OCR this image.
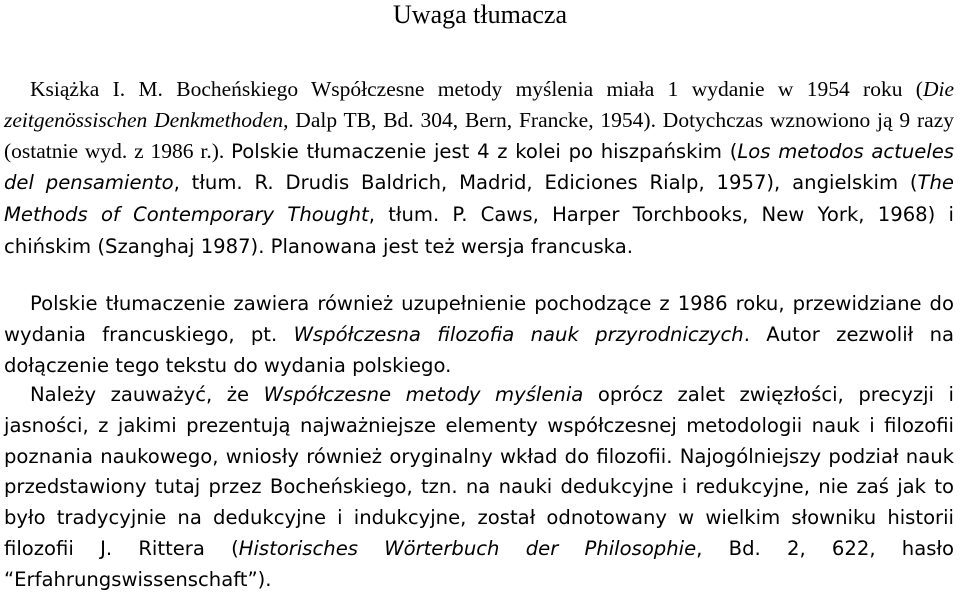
Uwaga tłumacza

Książka I. M. Bocheńskiego Współczesne metody myślenia miała 1 wydanie w 1954 roku (Die zeitgenössischen Denkmethoden, Dalp TB, Bd. 304, Bern, Francke, 1954). Dotychczas wznowiono ją 9 razy (ostatnie wyd. z 1986 r.). Polskie tłumaczenie jest 4 z kolei po hiszpańskim (Los metodos actueles del pensamiento, tłum. R. Drudis Baldrich, Madrid, Ediciones Rialp, 1957), angielskim (The Methods of Contemporary Thought, tłum. P. Caws, Harper Torchbooks, New York, 1968) i chińskim (Szanghaj 1987). Planowana jest też wersja francuska.

Polskie tłumaczenie zawiera również uzupełnienie pochodzące z 1986 roku, przewidziane do wydania francuskiego, pt. Współczesna filozofia nauk przyrodniczych. Autor zezwolił na dołączenie tego tekstu do wydania polskiego.

Należy zauważyć, że Współczesne metody myślenia oprócz zalet zwięzłości, precyzji i jasności, z jakimi prezentują najważniejsze elementy współczesnej metodologii nauk i filozofii poznania naukowego, wniosły również oryginalny wkład do filozofii. Najogólniejszy podział nauk przedstawiony tutaj przez Bocheńskiego, tzn. na nauki dedukcyjne i redukcyjne, nie zaś jak to było tradycyjnie na dedukcyjne i indukcyjne, został odnotowany w wielkim słowniku historii filozofii J. Rittera (Historisches Wörterbuch der Philosophie, Bd. 2, 622, hasło “Erfahrungswissenschaft”).
